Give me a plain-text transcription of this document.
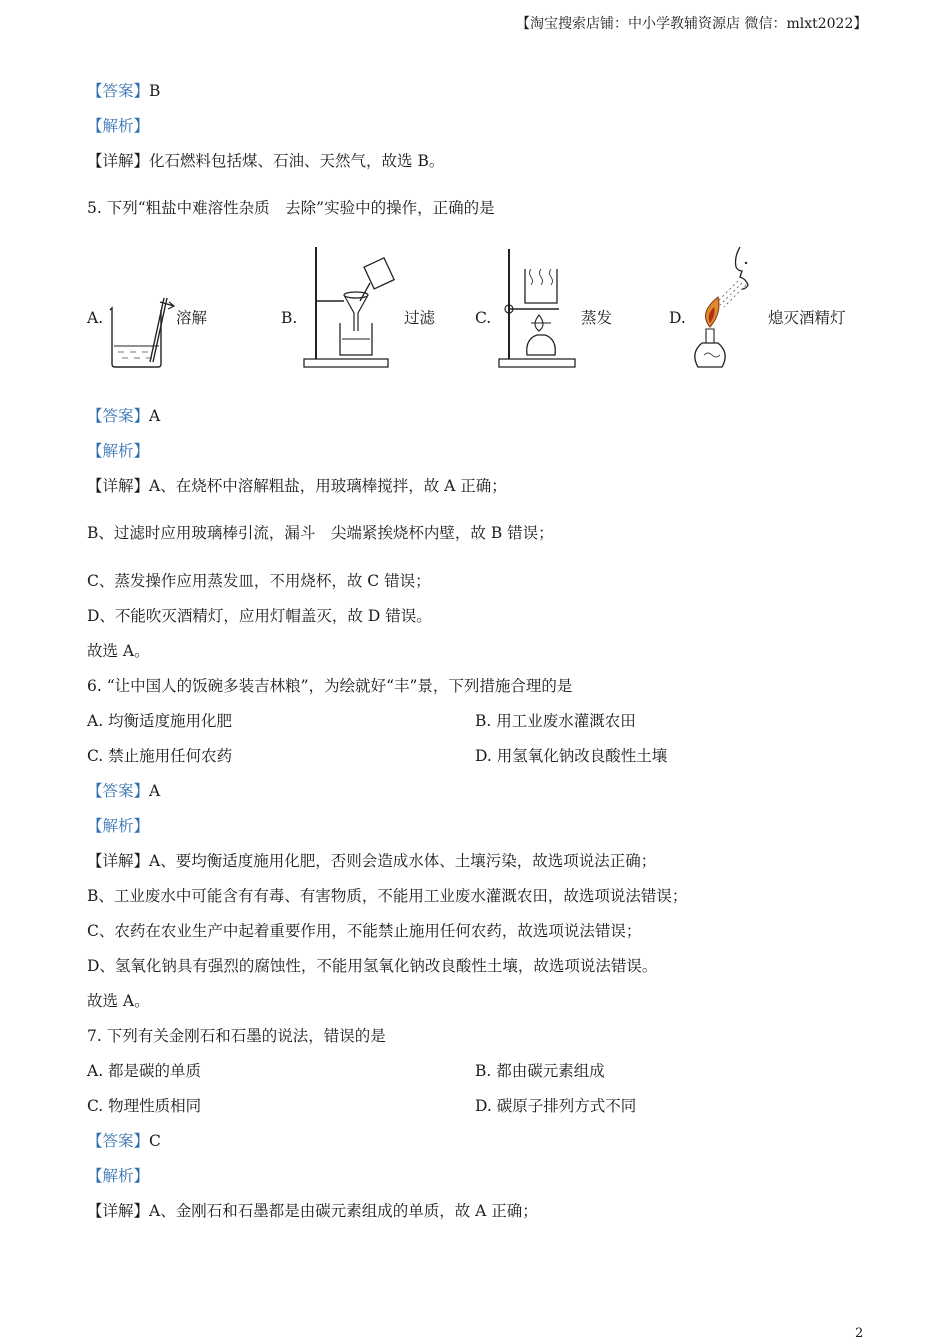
【淘宝搜索店铺：中小学教辅资源店 微信：mlxt2022】
【答案】B
【解析】
【详解】化石燃料包括煤、石油、天然气，故选 B。
5. 下列“粗盐中难溶性杂质　去除”实验中的操作，正确的是
A.	溶解	B.	过滤	C.	蒸发	D.	熄灭酒精灯
【答案】A
【解析】
【详解】A、在烧杯中溶解粗盐，用玻璃棒搅拌，故 A 正确；
B、过滤时应用玻璃棒引流，漏斗　尖端紧挨烧杯内壁，故 B 错误；
C、蒸发操作应用蒸发皿，不用烧杯，故 C 错误；
D、不能吹灭酒精灯，应用灯帽盖灭，故 D 错误。
故选 A。
6. “让中国人的饭碗多装吉林粮”，为绘就好“丰”景，下列措施合理的是
A. 均衡适度施用化肥	B. 用工业废水灌溉农田
C. 禁止施用任何农药	D. 用氢氧化钠改良酸性土壤
【答案】A
【解析】
【详解】A、要均衡适度施用化肥，否则会造成水体、土壤污染，故选项说法正确；
B、工业废水中可能含有有毒、有害物质，不能用工业废水灌溉农田，故选项说法错误；
C、农药在农业生产中起着重要作用，不能禁止施用任何农药，故选项说法错误；
D、氢氧化钠具有强烈的腐蚀性，不能用氢氧化钠改良酸性土壤，故选项说法错误。
故选 A。
7. 下列有关金刚石和石墨的说法，错误的是
A. 都是碳的单质	B. 都由碳元素组成
C. 物理性质相同	D. 碳原子排列方式不同
【答案】C
【解析】
【详解】A、金刚石和石墨都是由碳元素组成的单质，故 A 正确；
2
